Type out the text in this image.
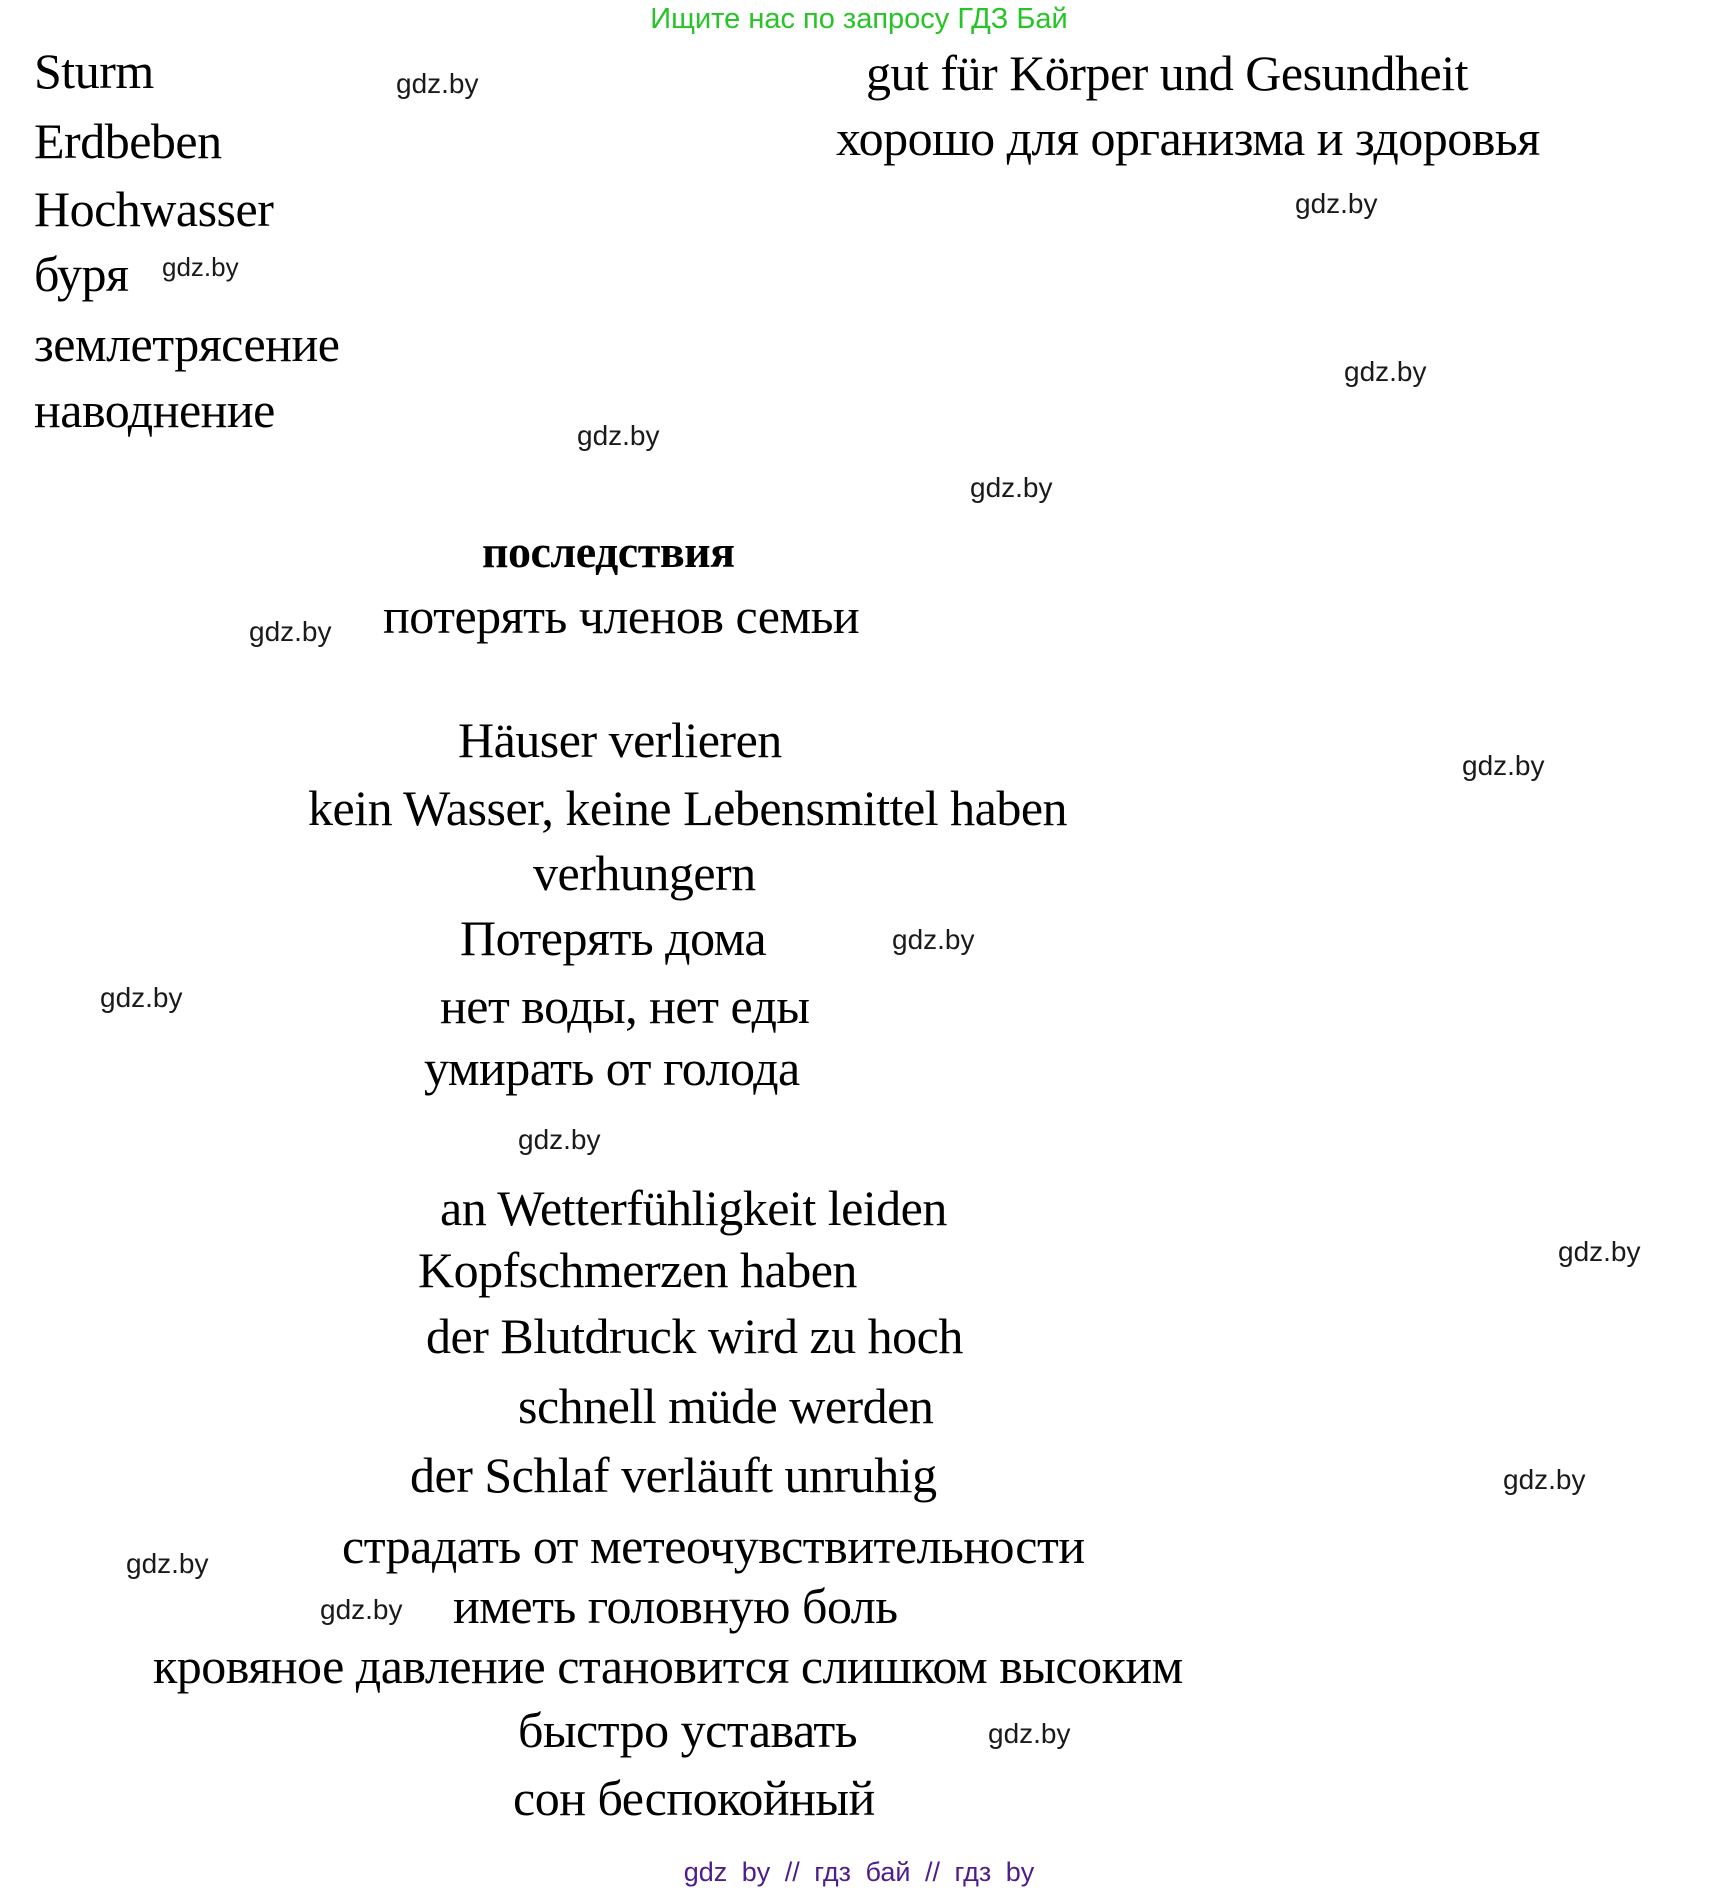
Ищите нас по запросу ГДЗ Бай
Sturm
Erdbeben
Hochwasser
буря
землетрясение
наводнение
gut für Körper und Gesundheit
хорошо для организма и здоровья
последствия
потерять членов семьи
Häuser verlieren
kein Wasser, keine Lebensmittel haben
verhungern
Потерять дома
нет воды, нет еды
умирать от голода
an Wetterfühligkeit leiden
Kopfschmerzen haben
der Blutdruck wird zu hoch
schnell müde werden
der Schlaf verläuft unruhig
страдать от метеочувствительности
иметь головную боль
кровяное давление становится слишком высоким
быстро уставать
сон беспокойный
gdz.by
gdz.by
gdz.by
gdz.by
gdz.by
gdz.by
gdz.by
gdz.by
gdz.by
gdz.by
gdz.by
gdz.by
gdz.by
gdz.by
gdz.by
gdz.by
gdz by // гдз бай // гдз by
